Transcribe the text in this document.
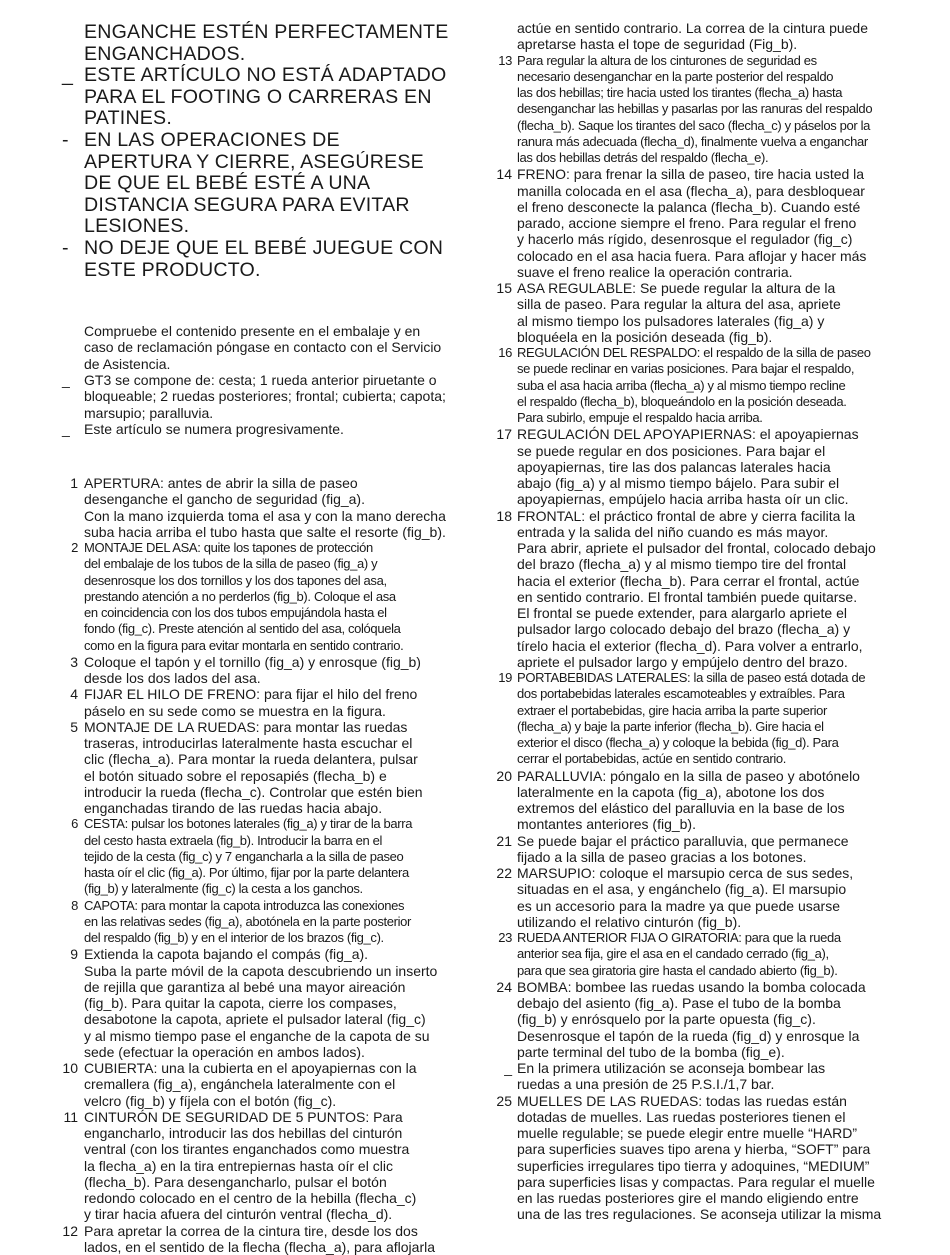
ENGANCHE ESTÉN PERFECTAMENTE ENGANCHADOS.
_ ESTE ARTÍCULO NO ESTÁ ADAPTADO PARA EL FOOTING O CARRERAS EN PATINES.
- EN LAS OPERACIONES DE APERTURA Y CIERRE, ASEGÚRESE DE QUE EL BEBÉ ESTÉ A UNA DISTANCIA SEGURA PARA EVITAR LESIONES.
- NO DEJE QUE EL BEBÉ JUEGUE CON ESTE PRODUCTO.
Compruebe el contenido presente en el embalaje y en caso de reclamación póngase en contacto con el Servicio de Asistencia.
_	GT3 se compone de: cesta; 1 rueda anterior piruetante o bloqueable; 2 ruedas posteriores; frontal; cubierta; capota; marsupio; paralluvia.
_	Este artículo se numera progresivamente.
1 APERTURA: antes de abrir la silla de paseo
desenganche el gancho de seguridad (fig_a).
Con la mano izquierda toma el asa y con la mano derecha
suba hacia arriba el tubo hasta que salte el resorte (fig_b).
2 MONTAJE DEL ASA: quite los tapones de protección
del embalaje de los tubos de la silla de paseo (fig_a) y
desenrosque los dos tornillos y los dos tapones del asa,
prestando atención a no perderlos (fig_b). Coloque el asa
en coincidencia con los dos tubos empujándola hasta el
fondo (fig_c). Preste atención al sentido del asa, colóquela
como en la figura para evitar montarla en sentido contrario.
3 Coloque el tapón y el tornillo (fig_a) y enrosque (fig_b)
desde los dos lados del asa.
4 FIJAR EL HILO DE FRENO: para fijar el hilo del freno
páselo en su sede como se muestra en la figura.
5 MONTAJE DE LA RUEDAS: para montar las ruedas
traseras, introducirlas lateralmente hasta escuchar el
clic (flecha_a). Para montar la rueda delantera, pulsar
el botón situado sobre el reposapiés (flecha_b) e
introducir la rueda (flecha_c). Controlar que estén bien
enganchadas tirando de las ruedas hacia abajo.
6 CESTA: pulsar los botones laterales (fig_a) y tirar de la barra
del cesto hasta extraela (fig_b). Introducir la barra en el
tejido de la cesta (fig_c) y 7 engancharla a la silla de paseo
hasta oír el clic (fig_a). Por último, fijar por la parte delantera
(fig_b) y lateralmente (fig_c) la cesta a los ganchos.
8 CAPOTA: para montar la capota introduzca las conexiones
en las relativas sedes (fig_a), abotónela en la parte posterior
del respaldo (fig_b) y en el interior de los brazos (fig_c).
9 Extienda la capota bajando el compás (fig_a).
Suba la parte móvil de la capota descubriendo un inserto
de rejilla que garantiza al bebé una mayor aireación
(fig_b). Para quitar la capota, cierre los compases,
desabotone la capota, apriete el pulsador lateral (fig_c)
y al mismo tiempo pase el enganche de la capota de su
sede (efectuar la operación en ambos lados).
10 CUBIERTA: una la cubierta en el apoyapiernas con la
cremallera (fig_a), engánchela lateralmente con el
velcro (fig_b) y fíjela con el botón (fig_c).
11 CINTURÓN DE SEGURIDAD DE 5 PUNTOS: Para
engancharlo, introducir las dos hebillas del cinturón
ventral (con los tirantes enganchados como muestra
la flecha_a) en la tira entrepiernas hasta oír el clic
(flecha_b). Para desengancharlo, pulsar el botón
redondo colocado en el centro de la hebilla (flecha_c)
y tirar hacia afuera del cinturón ventral (flecha_d).
12 Para apretar la correa de la cintura tire, desde los dos
lados, en el sentido de la flecha (flecha_a), para aflojarla
actúe en sentido contrario. La correa de la cintura puede
apretarse hasta el tope de seguridad (Fig_b).
13 Para regular la altura de los cinturones de seguridad es
necesario desenganchar en la parte posterior del respaldo
las dos hebillas; tire hacia usted los tirantes (flecha_a) hasta
desenganchar las hebillas y pasarlas por las ranuras del respaldo
(flecha_b). Saque los tirantes del saco (flecha_c) y páselos por la
ranura más adecuada (flecha_d), finalmente vuelva a enganchar
las dos hebillas detrás del respaldo (flecha_e).
14 FRENO: para frenar la silla de paseo, tire hacia usted la
manilla colocada en el asa (flecha_a), para desbloquear
el freno desconecte la palanca (flecha_b). Cuando esté
parado, accione siempre el freno. Para regular el freno
y hacerlo más rígido, desenrosque el regulador (fig_c)
colocado en el asa hacia fuera. Para aflojar y hacer más
suave el freno realice la operación contraria.
15 ASA REGULABLE: Se puede regular la altura de la
silla de paseo. Para regular la altura del asa, apriete
al mismo tiempo los pulsadores laterales (fig_a) y
bloquéela en la posición deseada (fig_b).
16 REGULACIÓN DEL RESPALDO: el respaldo de la silla de paseo
se puede reclinar en varias posiciones. Para bajar el respaldo,
suba el asa hacia arriba (flecha_a) y al mismo tiempo recline
el respaldo (flecha_b), bloqueándolo en la posición deseada.
Para subirlo, empuje el respaldo hacia arriba.
17 REGULACIÓN DEL APOYAPIERNAS: el apoyapiernas
se puede regular en dos posiciones. Para bajar el
apoyapiernas, tire las dos palancas laterales hacia
abajo (fig_a) y al mismo tiempo bájelo. Para subir el
apoyapiernas, empújelo hacia arriba hasta oír un clic.
18 FRONTAL: el práctico frontal de abre y cierra facilita la
entrada y la salida del niño cuando es más mayor.
Para abrir, apriete el pulsador del frontal, colocado debajo
del brazo (flecha_a) y al mismo tiempo tire del frontal
hacia el exterior (flecha_b). Para cerrar el frontal, actúe
en sentido contrario. El frontal también puede quitarse.
El frontal se puede extender, para alargarlo apriete el
pulsador largo colocado debajo del brazo (flecha_a) y
tírelo hacia el exterior (flecha_d). Para volver a entrarlo,
apriete el pulsador largo y empújelo dentro del brazo.
19 PORTABEBIDAS LATERALES: la silla de paseo está dotada de
dos portabebidas laterales escamoteables y extraíbles. Para
extraer el portabebidas, gire hacia arriba la parte superior
(flecha_a) y baje la parte inferior (flecha_b). Gire hacia el
exterior el disco (flecha_a) y coloque la bebida (fig_d). Para
cerrar el portabebidas, actúe en sentido contrario.
20 PARALLUVIA: póngalo en la silla de paseo y abotónelo
lateralmente en la capota (fig_a), abotone los dos
extremos del elástico del paralluvia en la base de los
montantes anteriores (fig_b).
21 Se puede bajar el práctico paralluvia, que permanece
fijado a la silla de paseo gracias a los botones.
22 MARSUPIO: coloque el marsupio cerca de sus sedes,
situadas en el asa, y engánchelo (fig_a). El marsupio
es un accesorio para la madre ya que puede usarse
utilizando el relativo cinturón (fig_b).
23 RUEDA ANTERIOR FIJA O GIRATORIA: para que la rueda
anterior sea fija, gire el asa en el candado cerrado (fig_a),
para que sea giratoria gire hasta el candado abierto (fig_b).
24 BOMBA: bombee las ruedas usando la bomba colocada
debajo del asiento (fig_a). Pase el tubo de la bomba
(fig_b) y enrósquelo por la parte opuesta (fig_c).
Desenrosque el tapón de la rueda (fig_d) y enrosque la
parte terminal del tubo de la bomba (fig_e).
_ En la primera utilización se aconseja bombear las
ruedas a una presión de 25 P.S.I./1,7 bar.
25 MUELLES DE LAS RUEDAS: todas las ruedas están
dotadas de muelles. Las ruedas posteriores tienen el
muelle regulable; se puede elegir entre muelle “HARD”
para superficies suaves tipo arena y hierba, “SOFT” para
superficies irregulares tipo tierra y adoquines, “MEDIUM”
para superficies lisas y compactas. Para regular el muelle
en las ruedas posteriores gire el mando eligiendo entre
una de las tres regulaciones. Se aconseja utilizar la misma
